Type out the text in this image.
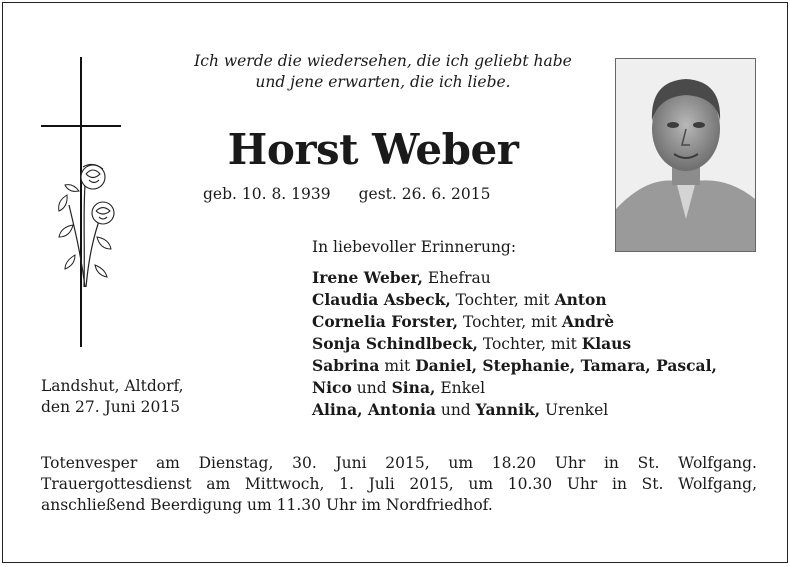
Ich werde die wiedersehen, die ich geliebt habe
und jene erwarten, die ich liebe.
Horst Weber
geb. 10. 8. 1939 gest. 26. 6. 2015
In liebevoller Erinnerung:
Irene Weber, Ehefrau
Claudia Asbeck, Tochter, mit Anton
Cornelia Forster, Tochter, mit Andrè
Sonja Schindlbeck, Tochter, mit Klaus
Sabrina mit Daniel, Stephanie, Tamara, Pascal,
Nico und Sina, Enkel
Alina, Antonia und Yannik, Urenkel
Landshut, Altdorf,
den 27. Juni 2015
Totenvesper am Dienstag, 30. Juni 2015, um 18.20 Uhr in St. Wolfgang.
Trauergottesdienst am Mittwoch, 1. Juli 2015, um 10.30 Uhr in St. Wolfgang,
anschließend Beerdigung um 11.30 Uhr im Nordfriedhof.
